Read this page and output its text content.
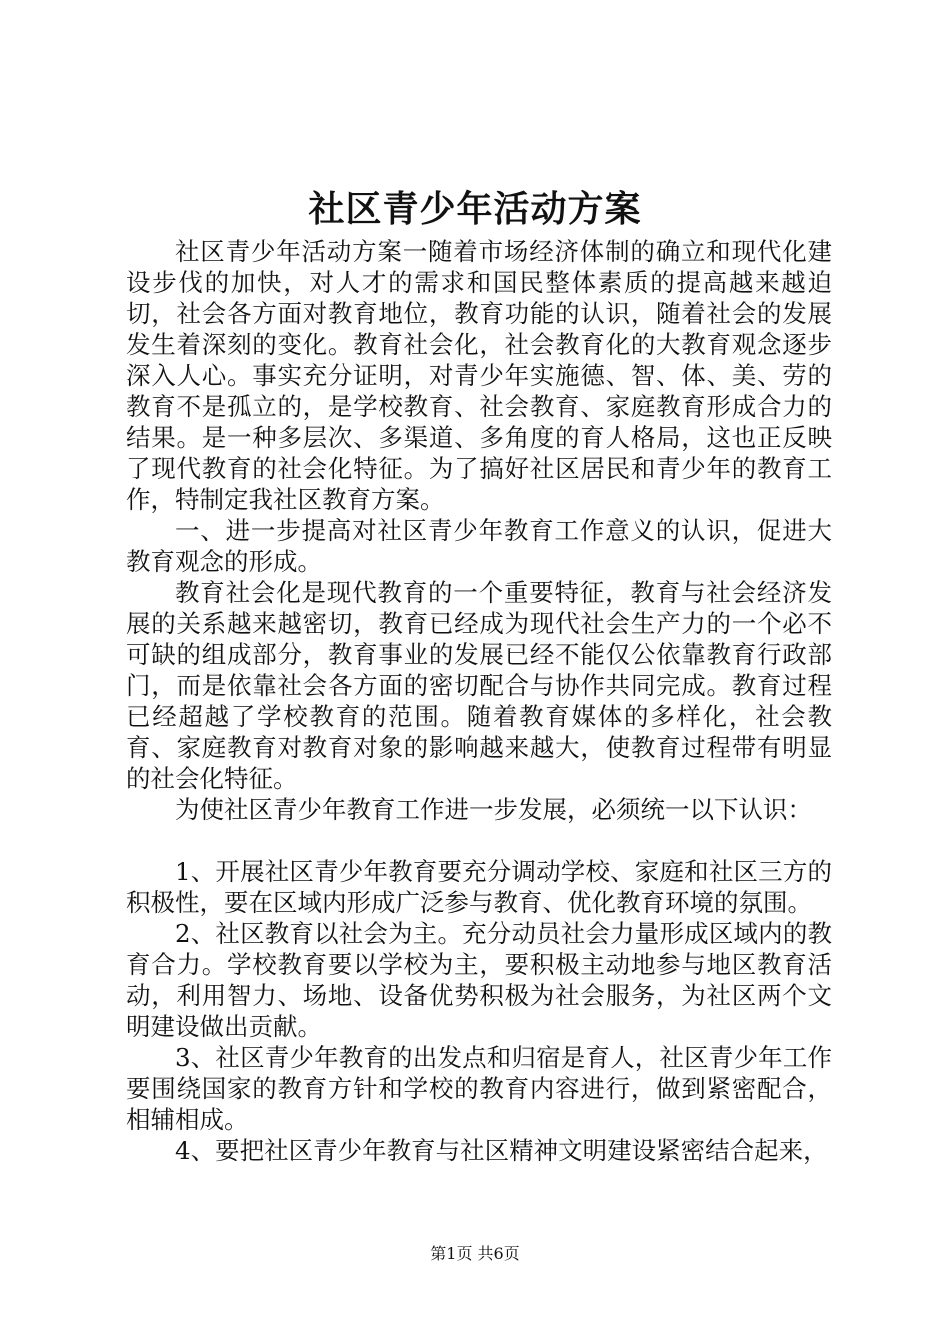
社区青少年活动方案

社区青少年活动方案一随着市场经济体制的确立和现代化建设步伐的加快，对人才的需求和国民整体素质的提高越来越迫切，社会各方面对教育地位，教育功能的认识，随着社会的发展发生着深刻的变化。教育社会化，社会教育化的大教育观念逐步深入人心。事实充分证明，对青少年实施德、智、体、美、劳的教育不是孤立的，是学校教育、社会教育、家庭教育形成合力的结果。是一种多层次、多渠道、多角度的育人格局，这也正反映了现代教育的社会化特征。为了搞好社区居民和青少年的教育工作，特制定我社区教育方案。

一、进一步提高对社区青少年教育工作意义的认识，促进大教育观念的形成。

教育社会化是现代教育的一个重要特征，教育与社会经济发展的关系越来越密切，教育已经成为现代社会生产力的一个必不可缺的组成部分，教育事业的发展已经不能仅公依靠教育行政部门，而是依靠社会各方面的密切配合与协作共同完成。教育过程已经超越了学校教育的范围。随着教育媒体的多样化，社会教育、家庭教育对教育对象的影响越来越大，使教育过程带有明显的社会化特征。

为使社区青少年教育工作进一步发展，必须统一以下认识：

1、开展社区青少年教育要充分调动学校、家庭和社区三方的积极性，要在区域内形成广泛参与教育、优化教育环境的氛围。

2、社区教育以社会为主。充分动员社会力量形成区域内的教育合力。学校教育要以学校为主，要积极主动地参与地区教育活动，利用智力、场地、设备优势积极为社会服务，为社区两个文明建设做出贡献。

3、社区青少年教育的出发点和归宿是育人，社区青少年工作要围绕国家的教育方针和学校的教育内容进行，做到紧密配合，相辅相成。

4、要把社区青少年教育与社区精神文明建设紧密结合起来，

第1页 共6页
